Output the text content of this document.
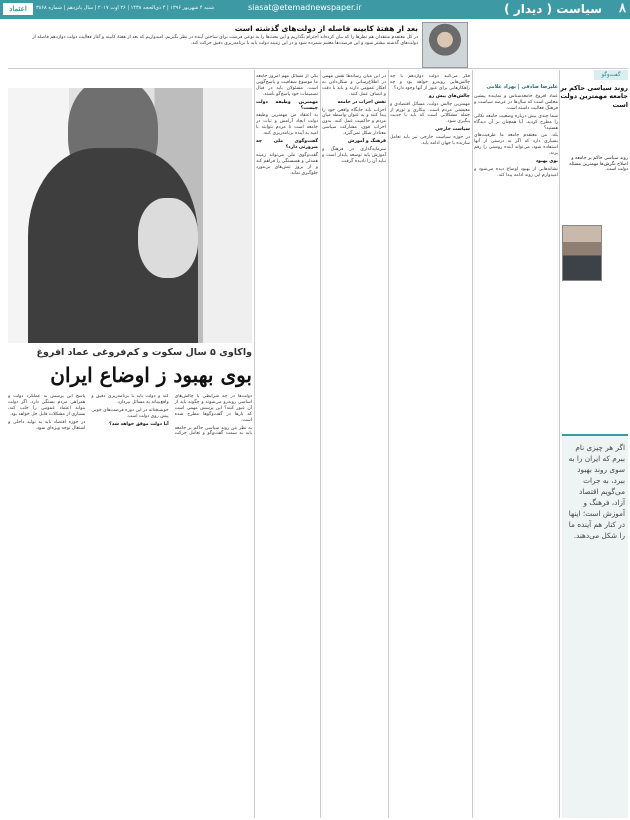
۸
سیاست ( دیدار )
siasat@etemadnewspaper.ir
شنبه ۴ شهریور ۱۳۹۶ | ۴ ذی‌الحجه ۱۴۳۸ | ۲۶ اوت ۲۰۱۷ | سال پانزدهم | شماره ۳۸۶۸
اعتماد
بعد از هفتهٔ کابینه فاصله از دولت‌های گذشته است
در کل معتقدم منتقدان هم نظرها را که بیان کرده‌اند احترام بگذاریم و این بحث‌ها را به نوعی فرصت برای ساختن آینده در نظر بگیریم. امیدواریم که بعد از هفتهٔ کابینه و آغاز فعالیت دولت دوازدهم فاصله از دولت‌های گذشته بیشتر شود و این فرصت‌ها مغتنم شمرده شود و در این زمینه دولت باید با برنامه‌ریزی دقیق حرکت کند.
گفت‌وگو
روند سیاسی حاکم بر جامعه مهمترین دولت است
روند سیاسی حاکم بر جامعه و اصلاح نگرش‌ها مهمترین مسئله دولت است.
اگر هر چیزی نام ببرم که ایران را به سوی روند بهبود ببرد، به جرات می‌گویم اقتصاد آزاد، فرهنگ و آموزش است؛ اینها در کنار هم آینده ما را شکل می‌دهند.
علیرضا صادقی | بهزاد غلامی

عماد افروغ جامعه‌شناس و نماینده پیشین مجلس است که سال‌ها در عرصه سیاست و فرهنگ فعالیت داشته است.

شما چندی پیش درباره وضعیت جامعه نکاتی را مطرح کردید. آیا همچنان بر آن دیدگاه هستید؟

بله، من معتقدم جامعه ما ظرفیت‌های بسیاری دارد که اگر به درستی از آنها استفاده شود، می‌تواند آینده روشنی را رقم بزند.

بوی بهبود

نشانه‌هایی از بهبود اوضاع دیده می‌شود و امیدوارم این روند ادامه پیدا کند.

فکر می‌کنید دولت دوازدهم با چه چالش‌هایی روبه‌رو خواهد بود و چه راهکارهایی برای عبور از آنها وجود دارد؟

چالش‌های پیش رو

مهمترین چالش دولت، مسائل اقتصادی و معیشتی مردم است. بیکاری و تورم از جمله مشکلاتی است که باید با جدیت پیگیری شود.

سیاست خارجی

در حوزه سیاست خارجی نیز باید تعامل سازنده با جهان ادامه یابد.

در این میان رسانه‌ها نقش مهمی در اطلاع‌رسانی و شکل‌دادن به افکار عمومی دارند و باید با دقت و انصاف عمل کنند.

نقش احزاب در جامعه

احزاب باید جایگاه واقعی خود را پیدا کنند و به عنوان واسطه میان مردم و حاکمیت عمل کنند. بدون احزاب قوی، مشارکت سیاسی معنادار شکل نمی‌گیرد.

فرهنگ و آموزش

سرمایه‌گذاری در فرهنگ و آموزش پایه توسعه پایدار است و نباید آن را نادیده گرفت.

یکی از مسائل مهم امروز جامعه ما موضوع شفافیت و پاسخ‌گویی است. مسئولان باید در قبال تصمیمات خود پاسخ‌گو باشند.

مهمترین وظیفه دولت چیست؟

به اعتقاد من مهمترین وظیفه دولت ایجاد آرامش و ثبات در جامعه است تا مردم بتوانند با امید به آینده برنامه‌ریزی کنند.

گفت‌وگوی ملی چه ضرورتی دارد؟

گفت‌وگوی ملی می‌تواند زمینه همدلی و همبستگی را فراهم کند و از بروز تنش‌های بی‌مورد جلوگیری نماید.

واکاوی ۵ سال سکوت و کم‌فروغی عماد افروغ
بوی بهبود ز اوضاع ایران

دولت‌ها در چه شرایطی با چالش‌های اساسی روبه‌رو می‌شوند و چگونه باید از آن عبور کنند؟ این پرسش مهمی است که بارها در گفت‌وگوها مطرح شده است.

به نظر من روند سیاسی حاکم بر جامعه باید به سمت گفت‌وگو و تعامل حرکت کند و دولت باید با برنامه‌ریزی دقیق و واقع‌بینانه به مسائل بپردازد.

خوشبختانه در این دوره فرصت‌های خوبی پیش روی دولت است.

آیا دولت موفق خواهد شد؟

پاسخ این پرسش به عملکرد دولت و همراهی مردم بستگی دارد. اگر دولت بتواند اعتماد عمومی را جلب کند، بسیاری از مشکلات قابل حل خواهد بود.

در حوزه اقتصاد باید به تولید داخلی و اشتغال توجه ویژه‌ای شود.
